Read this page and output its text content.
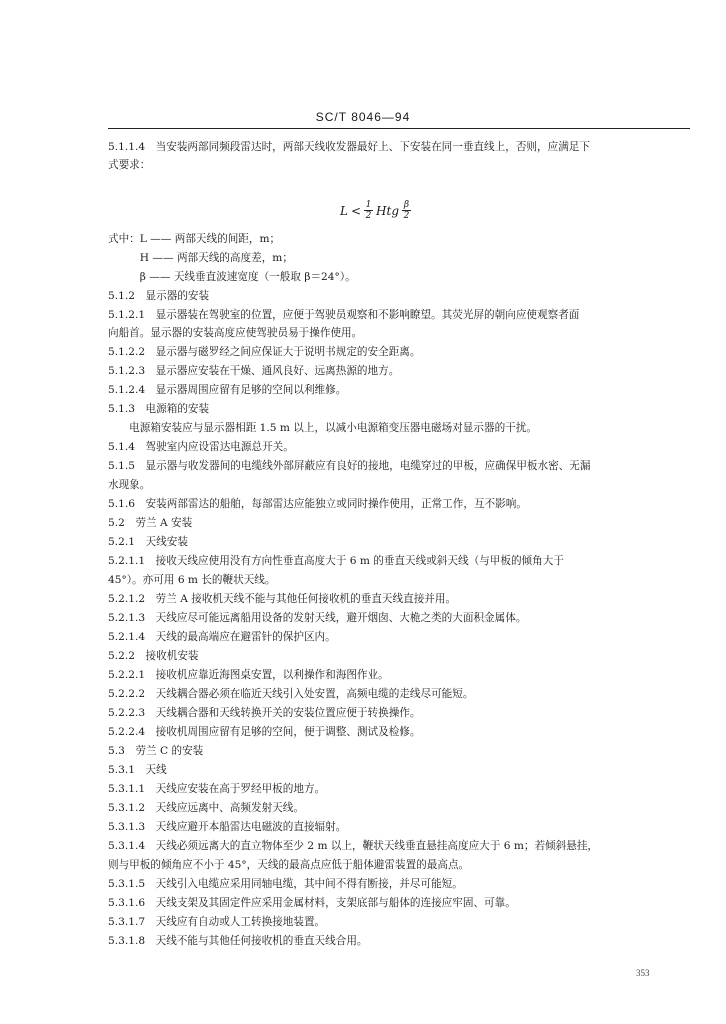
SC/T 8046—94
$L < \frac{1}{2}$ Htg $\frac{\beta}{2}$
5.1.1.4　当安装两部同频段雷达时，两部天线收发器最好上、下安装在同一垂直线上，否则，应满足下
式要求：
式中：L —— 两部天线的间距，m；
　　　H —— 两部天线的高度差，m；
　　　β —— 天线垂直波速宽度（一般取 β＝24°）。
5.1.2　显示器的安装
5.1.2.1　显示器装在驾驶室的位置，应便于驾驶员观察和不影响瞭望。其荧光屏的朝向应使观察者面
向船首。显示器的安装高度应使驾驶员易于操作使用。
5.1.2.2　显示器与磁罗经之间应保证大于说明书规定的安全距离。
5.1.2.3　显示器应安装在干燥、通风良好、远离热源的地方。
5.1.2.4　显示器周围应留有足够的空间以利维修。
5.1.3　电源箱的安装
　　电源箱安装应与显示器相距 1.5 m 以上，以减小电源箱变压器电磁场对显示器的干扰。
5.1.4　驾驶室内应设雷达电源总开关。
5.1.5　显示器与收发器间的电缆线外部屏蔽应有良好的接地，电缆穿过的甲板，应确保甲板水密、无漏
水现象。
5.1.6　安装两部雷达的船舶，每部雷达应能独立或同时操作使用，正常工作，互不影响。
5.2　劳兰 A 安装
5.2.1　天线安装
5.2.1.1　接收天线应使用没有方向性垂直高度大于 6 m 的垂直天线或斜天线（与甲板的倾角大于
45°）。亦可用 6 m 长的鞭状天线。
5.2.1.2　劳兰 A 接收机天线不能与其他任何接收机的垂直天线直接并用。
5.2.1.3　天线应尽可能远离船用设备的发射天线，避开烟囱、大桅之类的大面积金属体。
5.2.1.4　天线的最高端应在避雷针的保护区内。
5.2.2　接收机安装
5.2.2.1　接收机应靠近海图桌安置，以利操作和海图作业。
5.2.2.2　天线耦合器必须在临近天线引入处安置，高频电缆的走线尽可能短。
5.2.2.3　天线耦合器和天线转换开关的安装位置应便于转换操作。
5.2.2.4　接收机周围应留有足够的空间，便于调整、测试及检修。
5.3　劳兰 C 的安装
5.3.1　天线
5.3.1.1　天线应安装在高于罗经甲板的地方。
5.3.1.2　天线应远离中、高频发射天线。
5.3.1.3　天线应避开本船雷达电磁波的直接辐射。
5.3.1.4　天线必须远离大的直立物体至少 2 m 以上，鞭状天线垂直悬挂高度应大于 6 m；若倾斜悬挂，
则与甲板的倾角应不小于 45°，天线的最高点应低于船体避雷装置的最高点。
5.3.1.5　天线引入电缆应采用同轴电缆，其中间不得有断接，并尽可能短。
5.3.1.6　天线支架及其固定件应采用金属材料，支架底部与船体的连接应牢固、可靠。
5.3.1.7　天线应有自动或人工转换接地装置。
5.3.1.8　天线不能与其他任何接收机的垂直天线合用。
353
